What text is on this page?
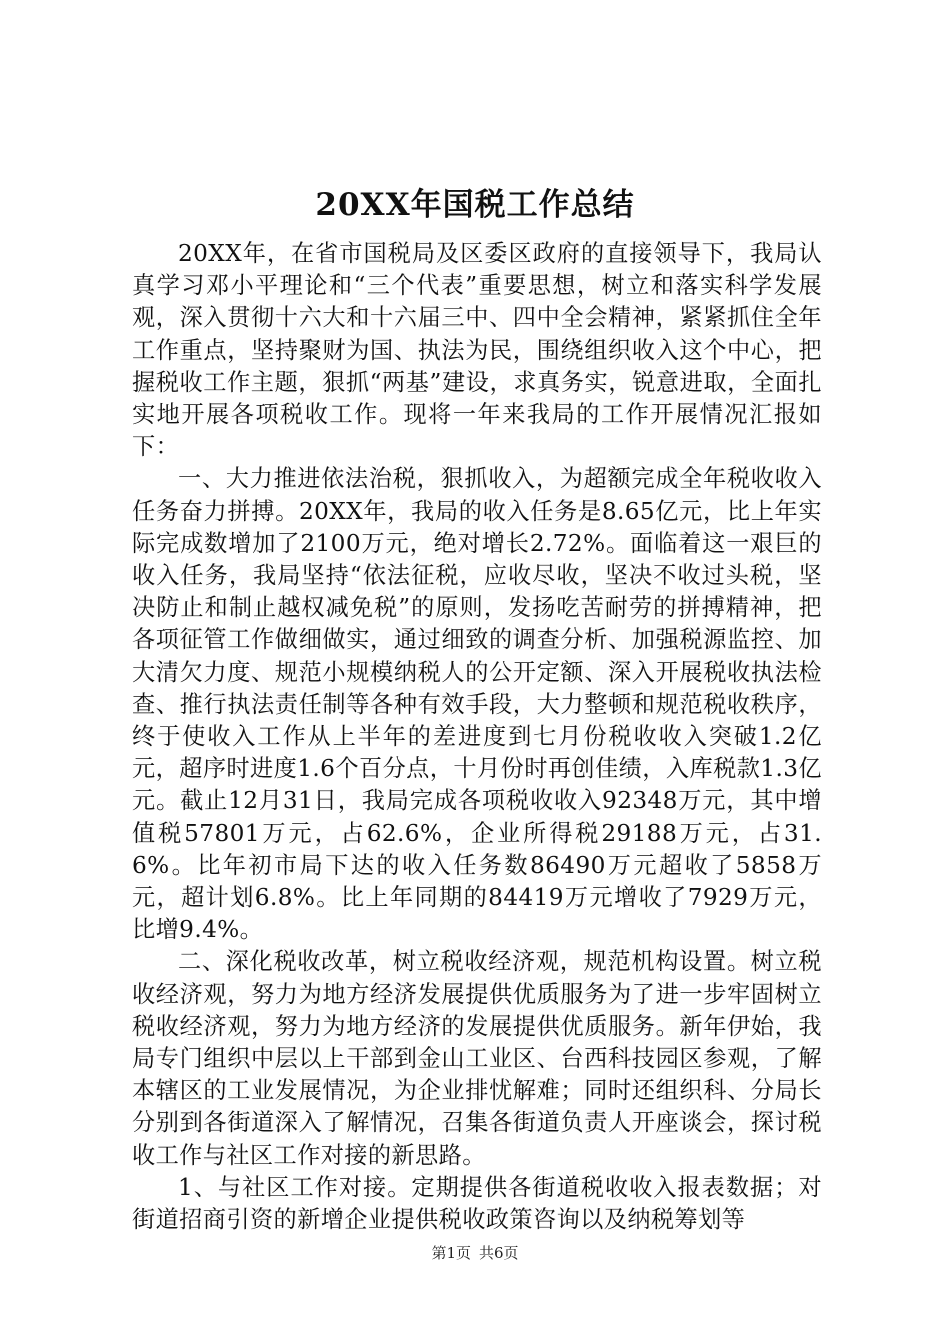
20XX年国税工作总结

20XX年，在省市国税局及区委区政府的直接领导下，我局认真学习邓小平理论和“三个代表”重要思想，树立和落实科学发展观，深入贯彻十六大和十六届三中、四中全会精神，紧紧抓住全年工作重点，坚持聚财为国、执法为民，围绕组织收入这个中心，把握税收工作主题，狠抓“两基”建设，求真务实，锐意进取，全面扎实地开展各项税收工作。现将一年来我局的工作开展情况汇报如下：

一、大力推进依法治税，狠抓收入，为超额完成全年税收收入任务奋力拼搏。20XX年，我局的收入任务是8.65亿元，比上年实际完成数增加了2100万元，绝对增长2.72%。面临着这一艰巨的收入任务，我局坚持“依法征税，应收尽收，坚决不收过头税，坚决防止和制止越权减免税”的原则，发扬吃苦耐劳的拼搏精神，把各项征管工作做细做实，通过细致的调查分析、加强税源监控、加大清欠力度、规范小规模纳税人的公开定额、深入开展税收执法检查、推行执法责任制等各种有效手段，大力整顿和规范税收秩序，终于使收入工作从上半年的差进度到七月份税收收入突破1.2亿元，超序时进度1.6个百分点，十月份时再创佳绩，入库税款1.3亿元。截止12月31日，我局完成各项税收收入92348万元，其中增值税57801万元，占62.6%，企业所得税29188万元，占31.6%。比年初市局下达的收入任务数86490万元超收了5858万元，超计划6.8%。比上年同期的84419万元增收了7929万元，比增9.4%。

二、深化税收改革，树立税收经济观，规范机构设置。树立税收经济观，努力为地方经济发展提供优质服务为了进一步牢固树立税收经济观，努力为地方经济的发展提供优质服务。新年伊始，我局专门组织中层以上干部到金山工业区、台西科技园区参观，了解本辖区的工业发展情况，为企业排忧解难；同时还组织科、分局长分别到各街道深入了解情况，召集各街道负责人开座谈会，探讨税收工作与社区工作对接的新思路。

1、与社区工作对接。定期提供各街道税收收入报表数据；对街道招商引资的新增企业提供税收政策咨询以及纳税筹划等

第1页 共6页
